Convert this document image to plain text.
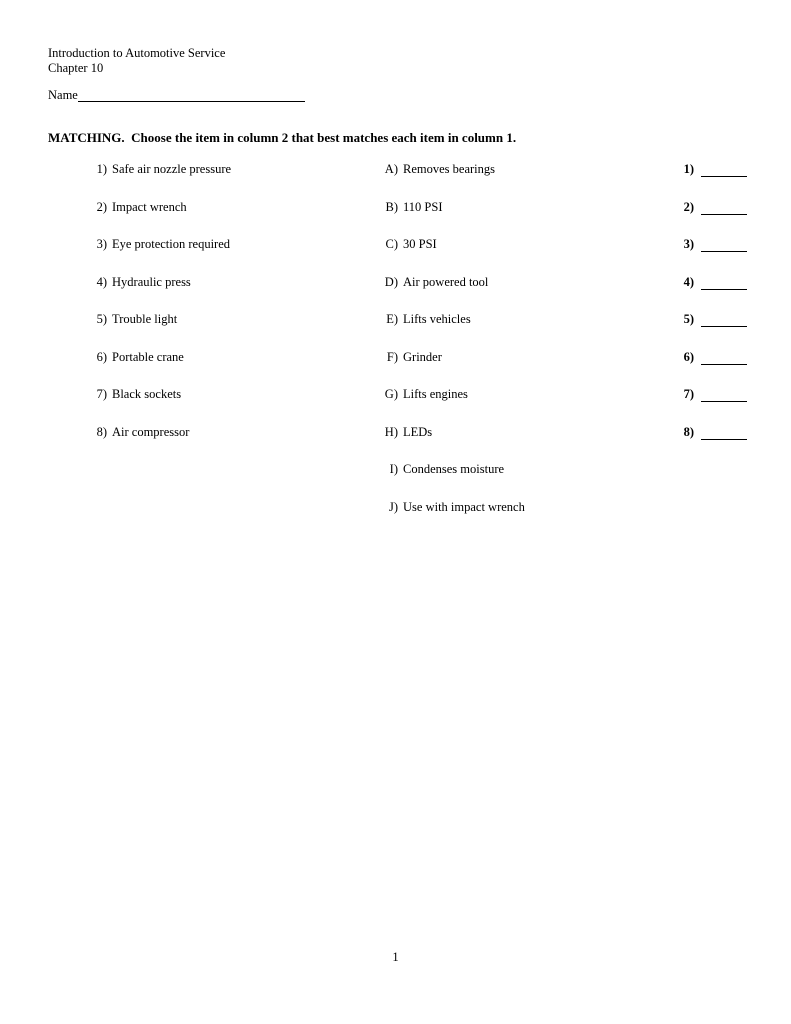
Introduction to Automotive Service
Chapter 10
Name
MATCHING.  Choose the item in column 2 that best matches each item in column 1.
1) Safe air nozzle pressure
2) Impact wrench
3) Eye protection required
4) Hydraulic press
5) Trouble light
6) Portable crane
7) Black sockets
8) Air compressor
A) Removes bearings
B) 110 PSI
C) 30 PSI
D) Air powered tool
E) Lifts vehicles
F) Grinder
G) Lifts engines
H) LEDs
I) Condenses moisture
J) Use with impact wrench
1)
2)
3)
4)
5)
6)
7)
8)
1
